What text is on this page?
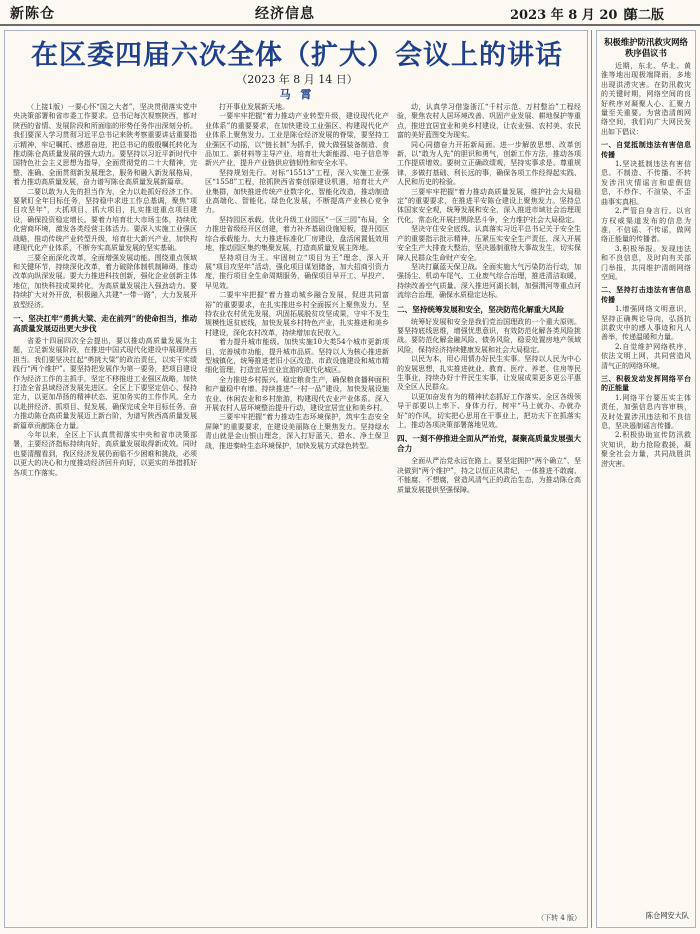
新陈仓	经济信息	2023 年 8 月 20 日
第二版
在区委四届六次全体（扩大）会议上的讲话
（2023 年 8 月 14 日）
马 霄

（上接1版）一要心怀“国之大者”，坚决贯彻落实党中央决策部署和省市委工作要求。总书记每次视察陕西，都对陕西的省情、发展阶段和所面临的形势任务作出深刻分析。我们要深入学习贯彻习近平总书记来陕考察重要讲话重要指示精神，牢记嘱托、感恩奋进，把总书记的殷殷嘱托转化为推动陈仓高质量发展的强大动力。要坚持以习近平新时代中国特色社会主义思想为指导，全面贯彻党的二十大精神，完整、准确、全面贯彻新发展理念，服务和融入新发展格局，着力推动高质量发展，奋力谱写陈仓高质量发展新篇章。

二要以敢为人先的担当作为，全力以赴抓好经济工作。要紧盯全年目标任务，坚持稳中求进工作总基调，聚焦“项目攻坚年”，大抓项目、抓大项目，扎实推进重点项目建设，确保投资稳定增长。要着力培育壮大市场主体，持续优化营商环境，激发各类经营主体活力。要深入实施工业强区战略，推动传统产业转型升级，培育壮大新兴产业，加快构建现代化产业体系，不断夯实高质量发展的坚实基础。

三要全面深化改革，全面增强发展动能。围绕重点领域和关键环节，持续深化改革，着力破除体制机制障碍，推动改革向纵深发展。要大力推进科技创新，强化企业创新主体地位，加快科技成果转化，为高质量发展注入强劲动力。要持续扩大对外开放，积极融入共建“一带一路”，大力发展开放型经济。

一、坚决扛牢“勇挑大梁、走在前列”的使命担当，推动高质量发展迈出更大步伐

省委十四届四次全会提出，要以推动高质量发展为主题，立足新发展阶段，在推进中国式现代化建设中展现陕西担当。我们要坚决扛起“勇挑大梁”的政治责任，以实干实绩践行“两个维护”。要坚持把发展作为第一要务，把项目建设作为经济工作的主抓手，坚定不移推进工业强区战略，加快打造全省县域经济发展先进区。全区上下要坚定信心、保持定力，以更加昂扬的精神状态、更加务实的工作作风，全力以赴拼经济、抓项目、促发展，确保完成全年目标任务，奋力推动陈仓高质量发展迈上新台阶，为谱写陕西高质量发展新篇章贡献陈仓力量。

今年以来，全区上下认真贯彻落实中央和省市决策部署，主要经济指标持续向好，高质量发展取得新成效。同时也要清醒看到，我区经济发展仍面临不少困难和挑战，必须以更大的决心和力度推动经济回升向好，以更实的举措抓好各项工作落实。

打开事业发展新天地。

一要牢牢把握“着力推动产业转型升级，建设现代化产业体系”的重要要求，在加快建设工业强区、构建现代化产业体系上聚焦发力。工业是陈仓经济发展的脊梁，要坚持工业强区不动摇，以“链长制”为抓手，做大做强装备制造、食品加工、新材料等主导产业，培育壮大新能源、电子信息等新兴产业，提升产业链供应链韧性和安全水平。

坚持规划先行。对标“15513”工程，深入实施工业强区“1558”工程，抢抓陕西省秦创原建设机遇，培育壮大产业集群，加快推进传统产业数字化、智能化改造，推动制造业高端化、智能化、绿色化发展，不断提高产业核心竞争力。

坚持园区承载。优化升级工业园区“一区三园”布局，全力推进省级经开区创建，着力补齐基础设施短板，提升园区综合承载能力。大力推进标准化厂房建设，盘活闲置低效用地，推动园区集约集聚发展，打造高质量发展主阵地。

坚持项目为王。牢固树立“项目为王”理念，深入开展“项目攻坚年”活动，强化项目谋划储备，加大招商引资力度，推行项目全生命周期服务，确保项目早开工、早投产、早见效。

二要牢牢把握“着力推动城乡融合发展，促进共同富裕”的重要要求，在扎实推进乡村全面振兴上聚焦发力。坚持农业农村优先发展，巩固拓展脱贫攻坚成果，守牢不发生规模性返贫底线，加快发展乡村特色产业，扎实推进和美乡村建设，深化农村改革，持续增加农民收入。

着力提升城市能级。加快实施10大类54个城市更新项目，完善城市功能，提升城市品质。坚持以人为核心推进新型城镇化，统筹推进老旧小区改造、市政设施建设和城市精细化管理，打造宜居宜业宜游的现代化城区。

全力推进乡村振兴。稳定粮食生产，确保粮食播种面积和产量稳中有增。持续推进“一村一品”建设，加快发展设施农业、休闲农业和乡村旅游，构建现代农业产业体系。深入开展农村人居环境整治提升行动，建设宜居宜业和美乡村。

三要牢牢把握“着力推动生态环境保护，筑牢生态安全屏障”的重要要求，在建设美丽陈仓上聚焦发力。坚持绿水青山就是金山银山理念，深入打好蓝天、碧水、净土保卫战，推进秦岭生态环境保护，加快发展方式绿色转型。

动，认真学习借鉴浙江“千村示范、万村整治”工程经验，聚焦农村人居环境改善、巩固产业发展、耕地保护等重点，推进宜居宜业和美乡村建设，让农业强、农村美、农民富的美好蓝图变为现实。

同心同德奋力开拓新局面。进一步解放思想、改革创新，以“敢为人先”的胆识和勇气，创新工作方法，推动各项工作提质增效。要树立正确政绩观，坚持实事求是、尊重规律，多做打基础、利长远的事，确保各项工作经得起实践、人民和历史的检验。

三要牢牢把握“着力推动高质量发展，维护社会大局稳定”的重要要求，在推进平安陈仓建设上聚焦发力。坚持总体国家安全观，统筹发展和安全，深入推进市域社会治理现代化，常态化开展扫黑除恶斗争，全力维护社会大局稳定。

坚决守住安全底线。认真落实习近平总书记关于安全生产的重要指示批示精神，压紧压实安全生产责任，深入开展安全生产大排查大整治，坚决遏制重特大事故发生，切实保障人民群众生命财产安全。

坚决打赢蓝天保卫战。全面实施大气污染防治行动，加强扬尘、机动车尾气、工业废气综合治理，推进清洁取暖，持续改善空气质量。深入推进河湖长制，加强渭河等重点河流综合治理，确保水质稳定达标。

二、坚持统筹发展和安全，坚决防范化解重大风险

统筹好发展和安全是我们党治国理政的一个重大原则。要坚持底线思维，增强忧患意识，有效防范化解各类风险挑战。要防范化解金融风险、债务风险，稳妥处置房地产领域风险，保持经济持续健康发展和社会大局稳定。

以民为本，用心用情办好民生实事。坚持以人民为中心的发展思想，扎实推进就业、教育、医疗、养老、住房等民生事业，持续办好十件民生实事，让发展成果更多更公平惠及全区人民群众。

以更加奋发有为的精神状态抓好工作落实。全区各级领导干部要以上率下、身体力行，树牢“马上就办、办就办好”的作风，切实把心思用在干事业上，把功夫下在抓落实上，推动各项决策部署落地见效。

四、一刻不停推进全面从严治党，凝聚高质量发展强大合力

全面从严治党永远在路上。要坚定拥护“两个确立”、坚决做到“两个维护”，持之以恒正风肃纪，一体推进不敢腐、不能腐、不想腐，营造风清气正的政治生态，为推动陈仓高质量发展提供坚强保障。

（下转 4 版）
积极维护防汛救灾网络秩序倡议书

近期，东北、华北、黄淮等地出现极端降雨，多地出现洪涝灾害。在防汛救灾的关键时期，网络空间的良好秩序对凝聚人心、汇聚力量至关重要。为营造清朗网络空间，我们向广大网民发出如下倡议：

一、自觉抵制违法有害信息传播

1.坚决抵制违法有害信息。不制造、不传播、不转发涉汛灾情谣言和虚假信息，不炒作、不渲染、不歪曲事实真相。

2.严管自身言行。以官方权威渠道发布的信息为准，不信谣、不传谣，做网络正能量的传播者。

3.积极举报。发现违法和不良信息，及时向有关部门举报，共同维护清朗网络空间。

二、坚持打击违法有害信息传播

1.增强网络文明意识，坚持正确舆论导向，弘扬抗洪救灾中的感人事迹和凡人善举，传递温暖和力量。

2.自觉维护网络秩序，依法文明上网，共同营造风清气正的网络环境。

三、积极发动发挥网络平台的正能量

1.网络平台要压实主体责任，加强信息内容审核，及时处置涉汛违法和不良信息，坚决遏制谣言传播。

2.积极协助宣传防汛救灾知识，助力抢险救援，凝聚全社会力量，共同战胜洪涝灾害。

陈仓网安大队
